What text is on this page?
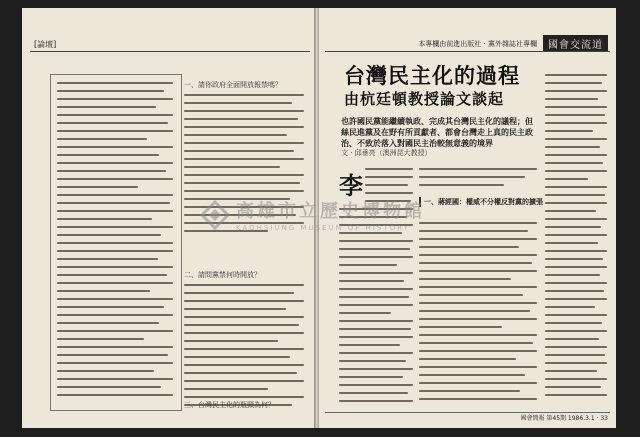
[論壇]
一、請你政府全面開放報禁嗎？
二、請問黨禁何時開放？
三、台灣民主化的瓶頸為何？
本專欄由前進出版社 · 黨外雜誌社專欄	國會交流道
台灣民主化的過程
由杭廷頓教授論文談起
也許國民黨能繼續執政、完成其台灣民主化的議程；但絲民進黨及在野有所貢獻者、都會台灣走上真的民主政治、不致於落入對國民主治較無意義的境界
文 · 邱垂亮（澳洲昆大教授）
李
一、蔣經國：權威不分權反對黨的擴張
國會簡報 第45期 1986.3.1 · 33
高雄市立歷史博物館
KAOHSIUNG MUSEUM OF HISTORY
